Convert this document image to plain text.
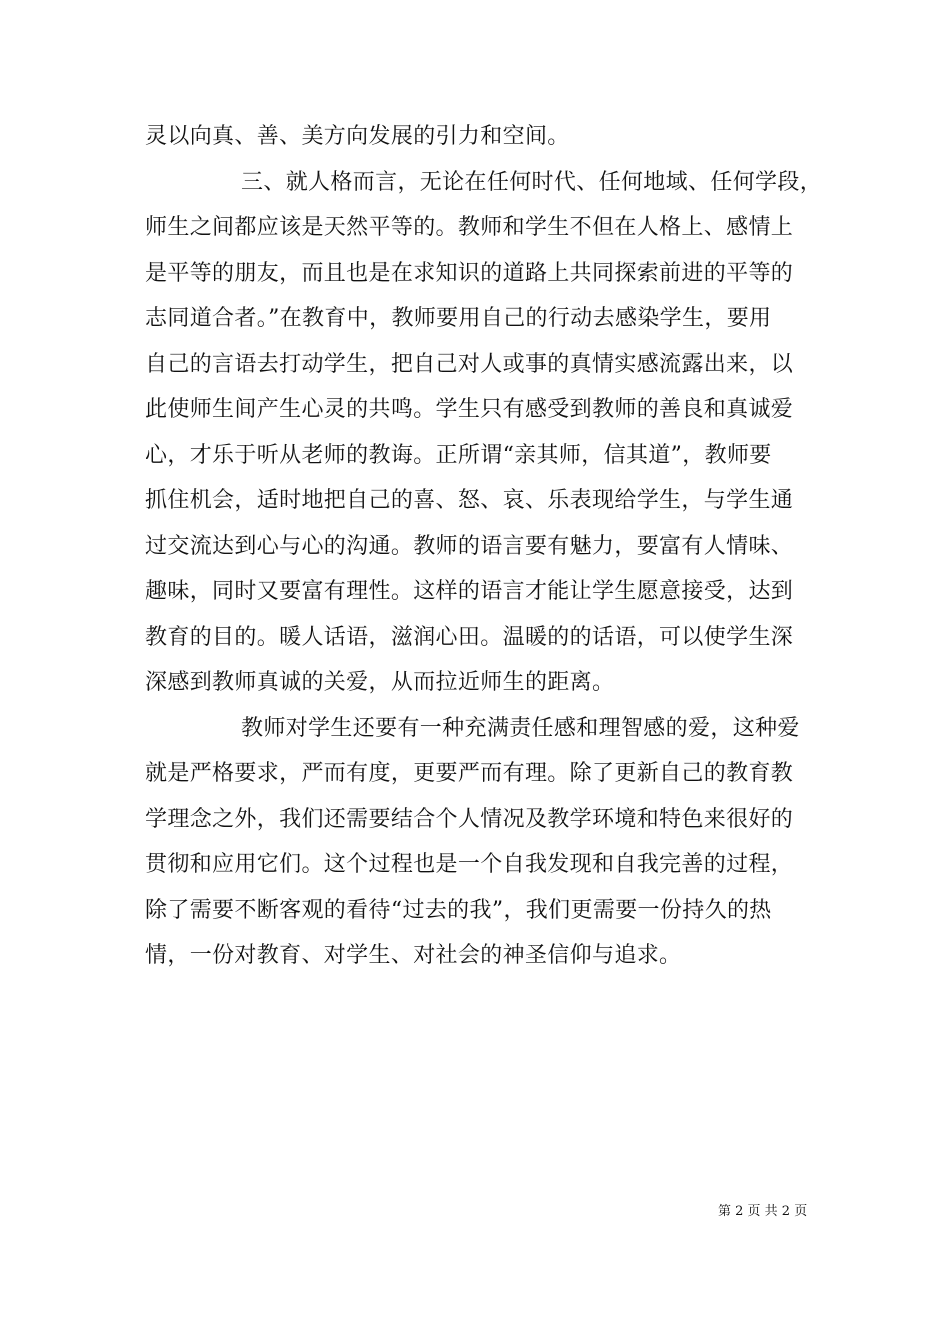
灵以向真、善、美方向发展的引力和空间。
三、就人格而言，无论在任何时代、任何地域、任何学段，
师生之间都应该是天然平等的。教师和学生不但在人格上、感情上
是平等的朋友，而且也是在求知识的道路上共同探索前进的平等的
志同道合者。”在教育中，教师要用自己的行动去感染学生，要用
自己的言语去打动学生，把自己对人或事的真情实感流露出来，以
此使师生间产生心灵的共鸣。学生只有感受到教师的善良和真诚爱
心，才乐于听从老师的教诲。正所谓“亲其师，信其道”，教师要
抓住机会，适时地把自己的喜、怒、哀、乐表现给学生，与学生通
过交流达到心与心的沟通。教师的语言要有魅力，要富有人情味、
趣味，同时又要富有理性。这样的语言才能让学生愿意接受，达到
教育的目的。暖人话语，滋润心田。温暖的的话语，可以使学生深
深感到教师真诚的关爱，从而拉近师生的距离。
教师对学生还要有一种充满责任感和理智感的爱，这种爱
就是严格要求，严而有度，更要严而有理。除了更新自己的教育教
学理念之外，我们还需要结合个人情况及教学环境和特色来很好的
贯彻和应用它们。这个过程也是一个自我发现和自我完善的过程，
除了需要不断客观的看待“过去的我”，我们更需要一份持久的热
情，一份对教育、对学生、对社会的神圣信仰与追求。
第 2 页 共 2 页
